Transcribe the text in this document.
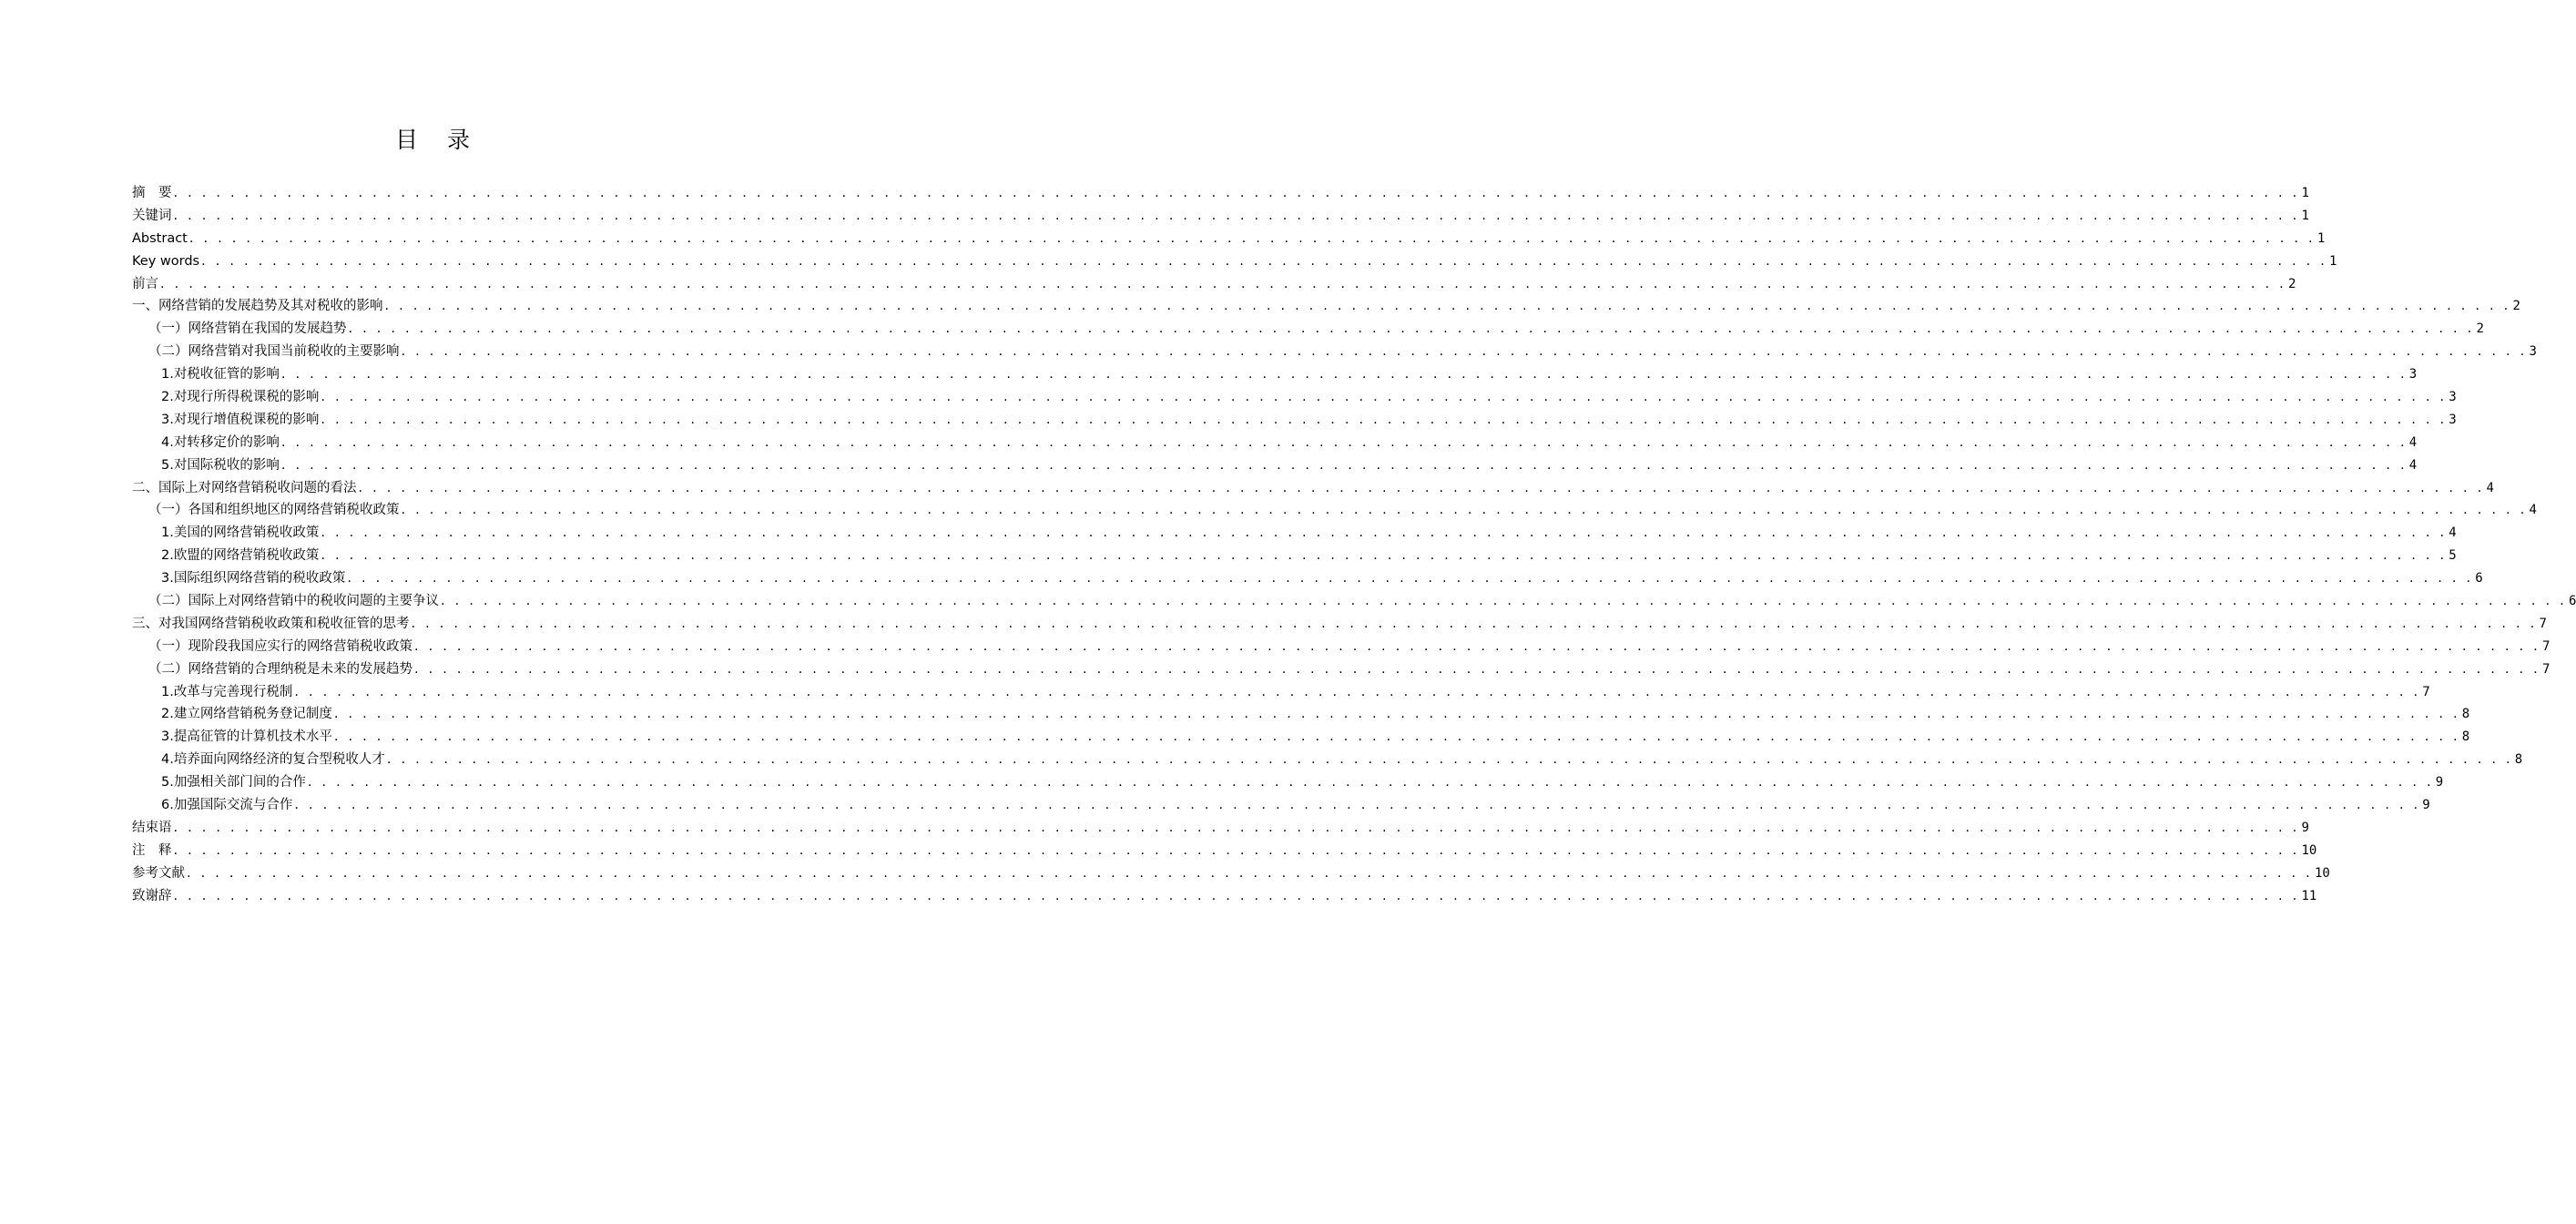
目 录
摘　要 . . . . . . . . . . . . . . . . . . . . . . . . . . . . . . . . . . . . . . . . . . . . . . . . . . . . . . . . . . . . . . . . . . . . . . . . . . . . . . . . . . . . . . . . . . . . . . . . . . . . . . . . . . . . . . . . . . . . . . . . . . . . . . . . . . . . . . . . . . . . . . . . . . . . . . 1
关键词 . . . . . . . . . . . . . . . . . . . . . . . . . . . . . . . . . . . . . . . . . . . . . . . . . . . . . . . . . . . . . . . . . . . . . . . . . . . . . . . . . . . . . . . . . . . . . . . . . . . . . . . . . . . . . . . . . . . . . . . . . . . . . . . . . . . . . . . . . . . . . . . . . . . . . . 1
Abstract . . . . . . . . . . . . . . . . . . . . . . . . . . . . . . . . . . . . . . . . . . . . . . . . . . . . . . . . . . . . . . . . . . . . . . . . . . . . . . . . . . . . . . . . . . . . . . . . . . . . . . . . . . . . . . . . . . . . . . . . . . . . . . . . . . . . . . . . . . . . . . . . . . . . . . 1
Key words . . . . . . . . . . . . . . . . . . . . . . . . . . . . . . . . . . . . . . . . . . . . . . . . . . . . . . . . . . . . . . . . . . . . . . . . . . . . . . . . . . . . . . . . . . . . . . . . . . . . . . . . . . . . . . . . . . . . . . . . . . . . . . . . . . . . . . . . . . . . . . . . . . . . . . 1
前言 . . . . . . . . . . . . . . . . . . . . . . . . . . . . . . . . . . . . . . . . . . . . . . . . . . . . . . . . . . . . . . . . . . . . . . . . . . . . . . . . . . . . . . . . . . . . . . . . . . . . . . . . . . . . . . . . . . . . . . . . . . . . . . . . . . . . . . . . . . . . . . . . . . . . . . 2
一、网络营销的发展趋势及其对税收的影响 . . . . . . . . . . . . . . . . . . . . . . . . . . . . . . . . . . . . . . . . . . . . . . . . . . . . . . . . . . . . . . . . . . . . . . . . . . . . . . . . . . . . . . . . . . . . . . . . . . . . . . . . . . . . . . . . . . . . . . . . . . . . . . . . . . . . . . . . . . . . . . . . . . . . . . 2
（一）网络营销在我国的发展趋势 . . . . . . . . . . . . . . . . . . . . . . . . . . . . . . . . . . . . . . . . . . . . . . . . . . . . . . . . . . . . . . . . . . . . . . . . . . . . . . . . . . . . . . . . . . . . . . . . . . . . . . . . . . . . . . . . . . . . . . . . . . . . . . . . . . . . . . . . . . . . . . . . . . . . . . 2
（二）网络营销对我国当前税收的主要影响 . . . . . . . . . . . . . . . . . . . . . . . . . . . . . . . . . . . . . . . . . . . . . . . . . . . . . . . . . . . . . . . . . . . . . . . . . . . . . . . . . . . . . . . . . . . . . . . . . . . . . . . . . . . . . . . . . . . . . . . . . . . . . . . . . . . . . . . . . . . . . . . . . . . . . . 3
1.对税收征管的影响 . . . . . . . . . . . . . . . . . . . . . . . . . . . . . . . . . . . . . . . . . . . . . . . . . . . . . . . . . . . . . . . . . . . . . . . . . . . . . . . . . . . . . . . . . . . . . . . . . . . . . . . . . . . . . . . . . . . . . . . . . . . . . . . . . . . . . . . . . . . . . . . . . . . . . . 3
2.对现行所得税课税的影响 . . . . . . . . . . . . . . . . . . . . . . . . . . . . . . . . . . . . . . . . . . . . . . . . . . . . . . . . . . . . . . . . . . . . . . . . . . . . . . . . . . . . . . . . . . . . . . . . . . . . . . . . . . . . . . . . . . . . . . . . . . . . . . . . . . . . . . . . . . . . . . . . . . . . . . 3
3.对现行增值税课税的影响 . . . . . . . . . . . . . . . . . . . . . . . . . . . . . . . . . . . . . . . . . . . . . . . . . . . . . . . . . . . . . . . . . . . . . . . . . . . . . . . . . . . . . . . . . . . . . . . . . . . . . . . . . . . . . . . . . . . . . . . . . . . . . . . . . . . . . . . . . . . . . . . . . . . . . . 3
4.对转移定价的影响 . . . . . . . . . . . . . . . . . . . . . . . . . . . . . . . . . . . . . . . . . . . . . . . . . . . . . . . . . . . . . . . . . . . . . . . . . . . . . . . . . . . . . . . . . . . . . . . . . . . . . . . . . . . . . . . . . . . . . . . . . . . . . . . . . . . . . . . . . . . . . . . . . . . . . . 4
5.对国际税收的影响 . . . . . . . . . . . . . . . . . . . . . . . . . . . . . . . . . . . . . . . . . . . . . . . . . . . . . . . . . . . . . . . . . . . . . . . . . . . . . . . . . . . . . . . . . . . . . . . . . . . . . . . . . . . . . . . . . . . . . . . . . . . . . . . . . . . . . . . . . . . . . . . . . . . . . . 4
二、国际上对网络营销税收问题的看法 . . . . . . . . . . . . . . . . . . . . . . . . . . . . . . . . . . . . . . . . . . . . . . . . . . . . . . . . . . . . . . . . . . . . . . . . . . . . . . . . . . . . . . . . . . . . . . . . . . . . . . . . . . . . . . . . . . . . . . . . . . . . . . . . . . . . . . . . . . . . . . . . . . . . . . 4
（一）各国和组织地区的网络营销税收政策 . . . . . . . . . . . . . . . . . . . . . . . . . . . . . . . . . . . . . . . . . . . . . . . . . . . . . . . . . . . . . . . . . . . . . . . . . . . . . . . . . . . . . . . . . . . . . . . . . . . . . . . . . . . . . . . . . . . . . . . . . . . . . . . . . . . . . . . . . . . . . . . . . . . . . . 4
1.美国的网络营销税收政策 . . . . . . . . . . . . . . . . . . . . . . . . . . . . . . . . . . . . . . . . . . . . . . . . . . . . . . . . . . . . . . . . . . . . . . . . . . . . . . . . . . . . . . . . . . . . . . . . . . . . . . . . . . . . . . . . . . . . . . . . . . . . . . . . . . . . . . . . . . . . . . . . . . . . . . 4
2.欧盟的网络营销税收政策 . . . . . . . . . . . . . . . . . . . . . . . . . . . . . . . . . . . . . . . . . . . . . . . . . . . . . . . . . . . . . . . . . . . . . . . . . . . . . . . . . . . . . . . . . . . . . . . . . . . . . . . . . . . . . . . . . . . . . . . . . . . . . . . . . . . . . . . . . . . . . . . . . . . . . . 5
3.国际组织网络营销的税收政策 . . . . . . . . . . . . . . . . . . . . . . . . . . . . . . . . . . . . . . . . . . . . . . . . . . . . . . . . . . . . . . . . . . . . . . . . . . . . . . . . . . . . . . . . . . . . . . . . . . . . . . . . . . . . . . . . . . . . . . . . . . . . . . . . . . . . . . . . . . . . . . . . . . . . . . 6
（二）国际上对网络营销中的税收问题的主要争议 . . . . . . . . . . . . . . . . . . . . . . . . . . . . . . . . . . . . . . . . . . . . . . . . . . . . . . . . . . . . . . . . . . . . . . . . . . . . . . . . . . . . . . . . . . . . . . . . . . . . . . . . . . . . . . . . . . . . . . . . . . . . . . . . . . . . . . . . . . . . . . . . . . . . . . 6
三、对我国网络营销税收政策和税收征管的思考 . . . . . . . . . . . . . . . . . . . . . . . . . . . . . . . . . . . . . . . . . . . . . . . . . . . . . . . . . . . . . . . . . . . . . . . . . . . . . . . . . . . . . . . . . . . . . . . . . . . . . . . . . . . . . . . . . . . . . . . . . . . . . . . . . . . . . . . . . . . . . . . . . . . . . . 7
（一）现阶段我国应实行的网络营销税收政策 . . . . . . . . . . . . . . . . . . . . . . . . . . . . . . . . . . . . . . . . . . . . . . . . . . . . . . . . . . . . . . . . . . . . . . . . . . . . . . . . . . . . . . . . . . . . . . . . . . . . . . . . . . . . . . . . . . . . . . . . . . . . . . . . . . . . . . . . . . . . . . . . . . . . . . 7
（二）网络营销的合理纳税是未来的发展趋势 . . . . . . . . . . . . . . . . . . . . . . . . . . . . . . . . . . . . . . . . . . . . . . . . . . . . . . . . . . . . . . . . . . . . . . . . . . . . . . . . . . . . . . . . . . . . . . . . . . . . . . . . . . . . . . . . . . . . . . . . . . . . . . . . . . . . . . . . . . . . . . . . . . . . . . 7
1.改革与完善现行税制 . . . . . . . . . . . . . . . . . . . . . . . . . . . . . . . . . . . . . . . . . . . . . . . . . . . . . . . . . . . . . . . . . . . . . . . . . . . . . . . . . . . . . . . . . . . . . . . . . . . . . . . . . . . . . . . . . . . . . . . . . . . . . . . . . . . . . . . . . . . . . . . . . . . . . . 7
2.建立网络营销税务登记制度 . . . . . . . . . . . . . . . . . . . . . . . . . . . . . . . . . . . . . . . . . . . . . . . . . . . . . . . . . . . . . . . . . . . . . . . . . . . . . . . . . . . . . . . . . . . . . . . . . . . . . . . . . . . . . . . . . . . . . . . . . . . . . . . . . . . . . . . . . . . . . . . . . . . . . . 8
3.提高征管的计算机技术水平 . . . . . . . . . . . . . . . . . . . . . . . . . . . . . . . . . . . . . . . . . . . . . . . . . . . . . . . . . . . . . . . . . . . . . . . . . . . . . . . . . . . . . . . . . . . . . . . . . . . . . . . . . . . . . . . . . . . . . . . . . . . . . . . . . . . . . . . . . . . . . . . . . . . . . . 8
4.培养面向网络经济的复合型税收人才 . . . . . . . . . . . . . . . . . . . . . . . . . . . . . . . . . . . . . . . . . . . . . . . . . . . . . . . . . . . . . . . . . . . . . . . . . . . . . . . . . . . . . . . . . . . . . . . . . . . . . . . . . . . . . . . . . . . . . . . . . . . . . . . . . . . . . . . . . . . . . . . . . . . . . . 8
5.加强相关部门间的合作 . . . . . . . . . . . . . . . . . . . . . . . . . . . . . . . . . . . . . . . . . . . . . . . . . . . . . . . . . . . . . . . . . . . . . . . . . . . . . . . . . . . . . . . . . . . . . . . . . . . . . . . . . . . . . . . . . . . . . . . . . . . . . . . . . . . . . . . . . . . . . . . . . . . . . . 9
6.加强国际交流与合作 . . . . . . . . . . . . . . . . . . . . . . . . . . . . . . . . . . . . . . . . . . . . . . . . . . . . . . . . . . . . . . . . . . . . . . . . . . . . . . . . . . . . . . . . . . . . . . . . . . . . . . . . . . . . . . . . . . . . . . . . . . . . . . . . . . . . . . . . . . . . . . . . . . . . . . 9
结束语 . . . . . . . . . . . . . . . . . . . . . . . . . . . . . . . . . . . . . . . . . . . . . . . . . . . . . . . . . . . . . . . . . . . . . . . . . . . . . . . . . . . . . . . . . . . . . . . . . . . . . . . . . . . . . . . . . . . . . . . . . . . . . . . . . . . . . . . . . . . . . . . . . . . . . . 9
注　释 . . . . . . . . . . . . . . . . . . . . . . . . . . . . . . . . . . . . . . . . . . . . . . . . . . . . . . . . . . . . . . . . . . . . . . . . . . . . . . . . . . . . . . . . . . . . . . . . . . . . . . . . . . . . . . . . . . . . . . . . . . . . . . . . . . . . . . . . . . . . . . . . . . . . . . 10
参考文献 . . . . . . . . . . . . . . . . . . . . . . . . . . . . . . . . . . . . . . . . . . . . . . . . . . . . . . . . . . . . . . . . . . . . . . . . . . . . . . . . . . . . . . . . . . . . . . . . . . . . . . . . . . . . . . . . . . . . . . . . . . . . . . . . . . . . . . . . . . . . . . . . . . . . . . 10
致谢辞 . . . . . . . . . . . . . . . . . . . . . . . . . . . . . . . . . . . . . . . . . . . . . . . . . . . . . . . . . . . . . . . . . . . . . . . . . . . . . . . . . . . . . . . . . . . . . . . . . . . . . . . . . . . . . . . . . . . . . . . . . . . . . . . . . . . . . . . . . . . . . . . . . . . . . . 11
